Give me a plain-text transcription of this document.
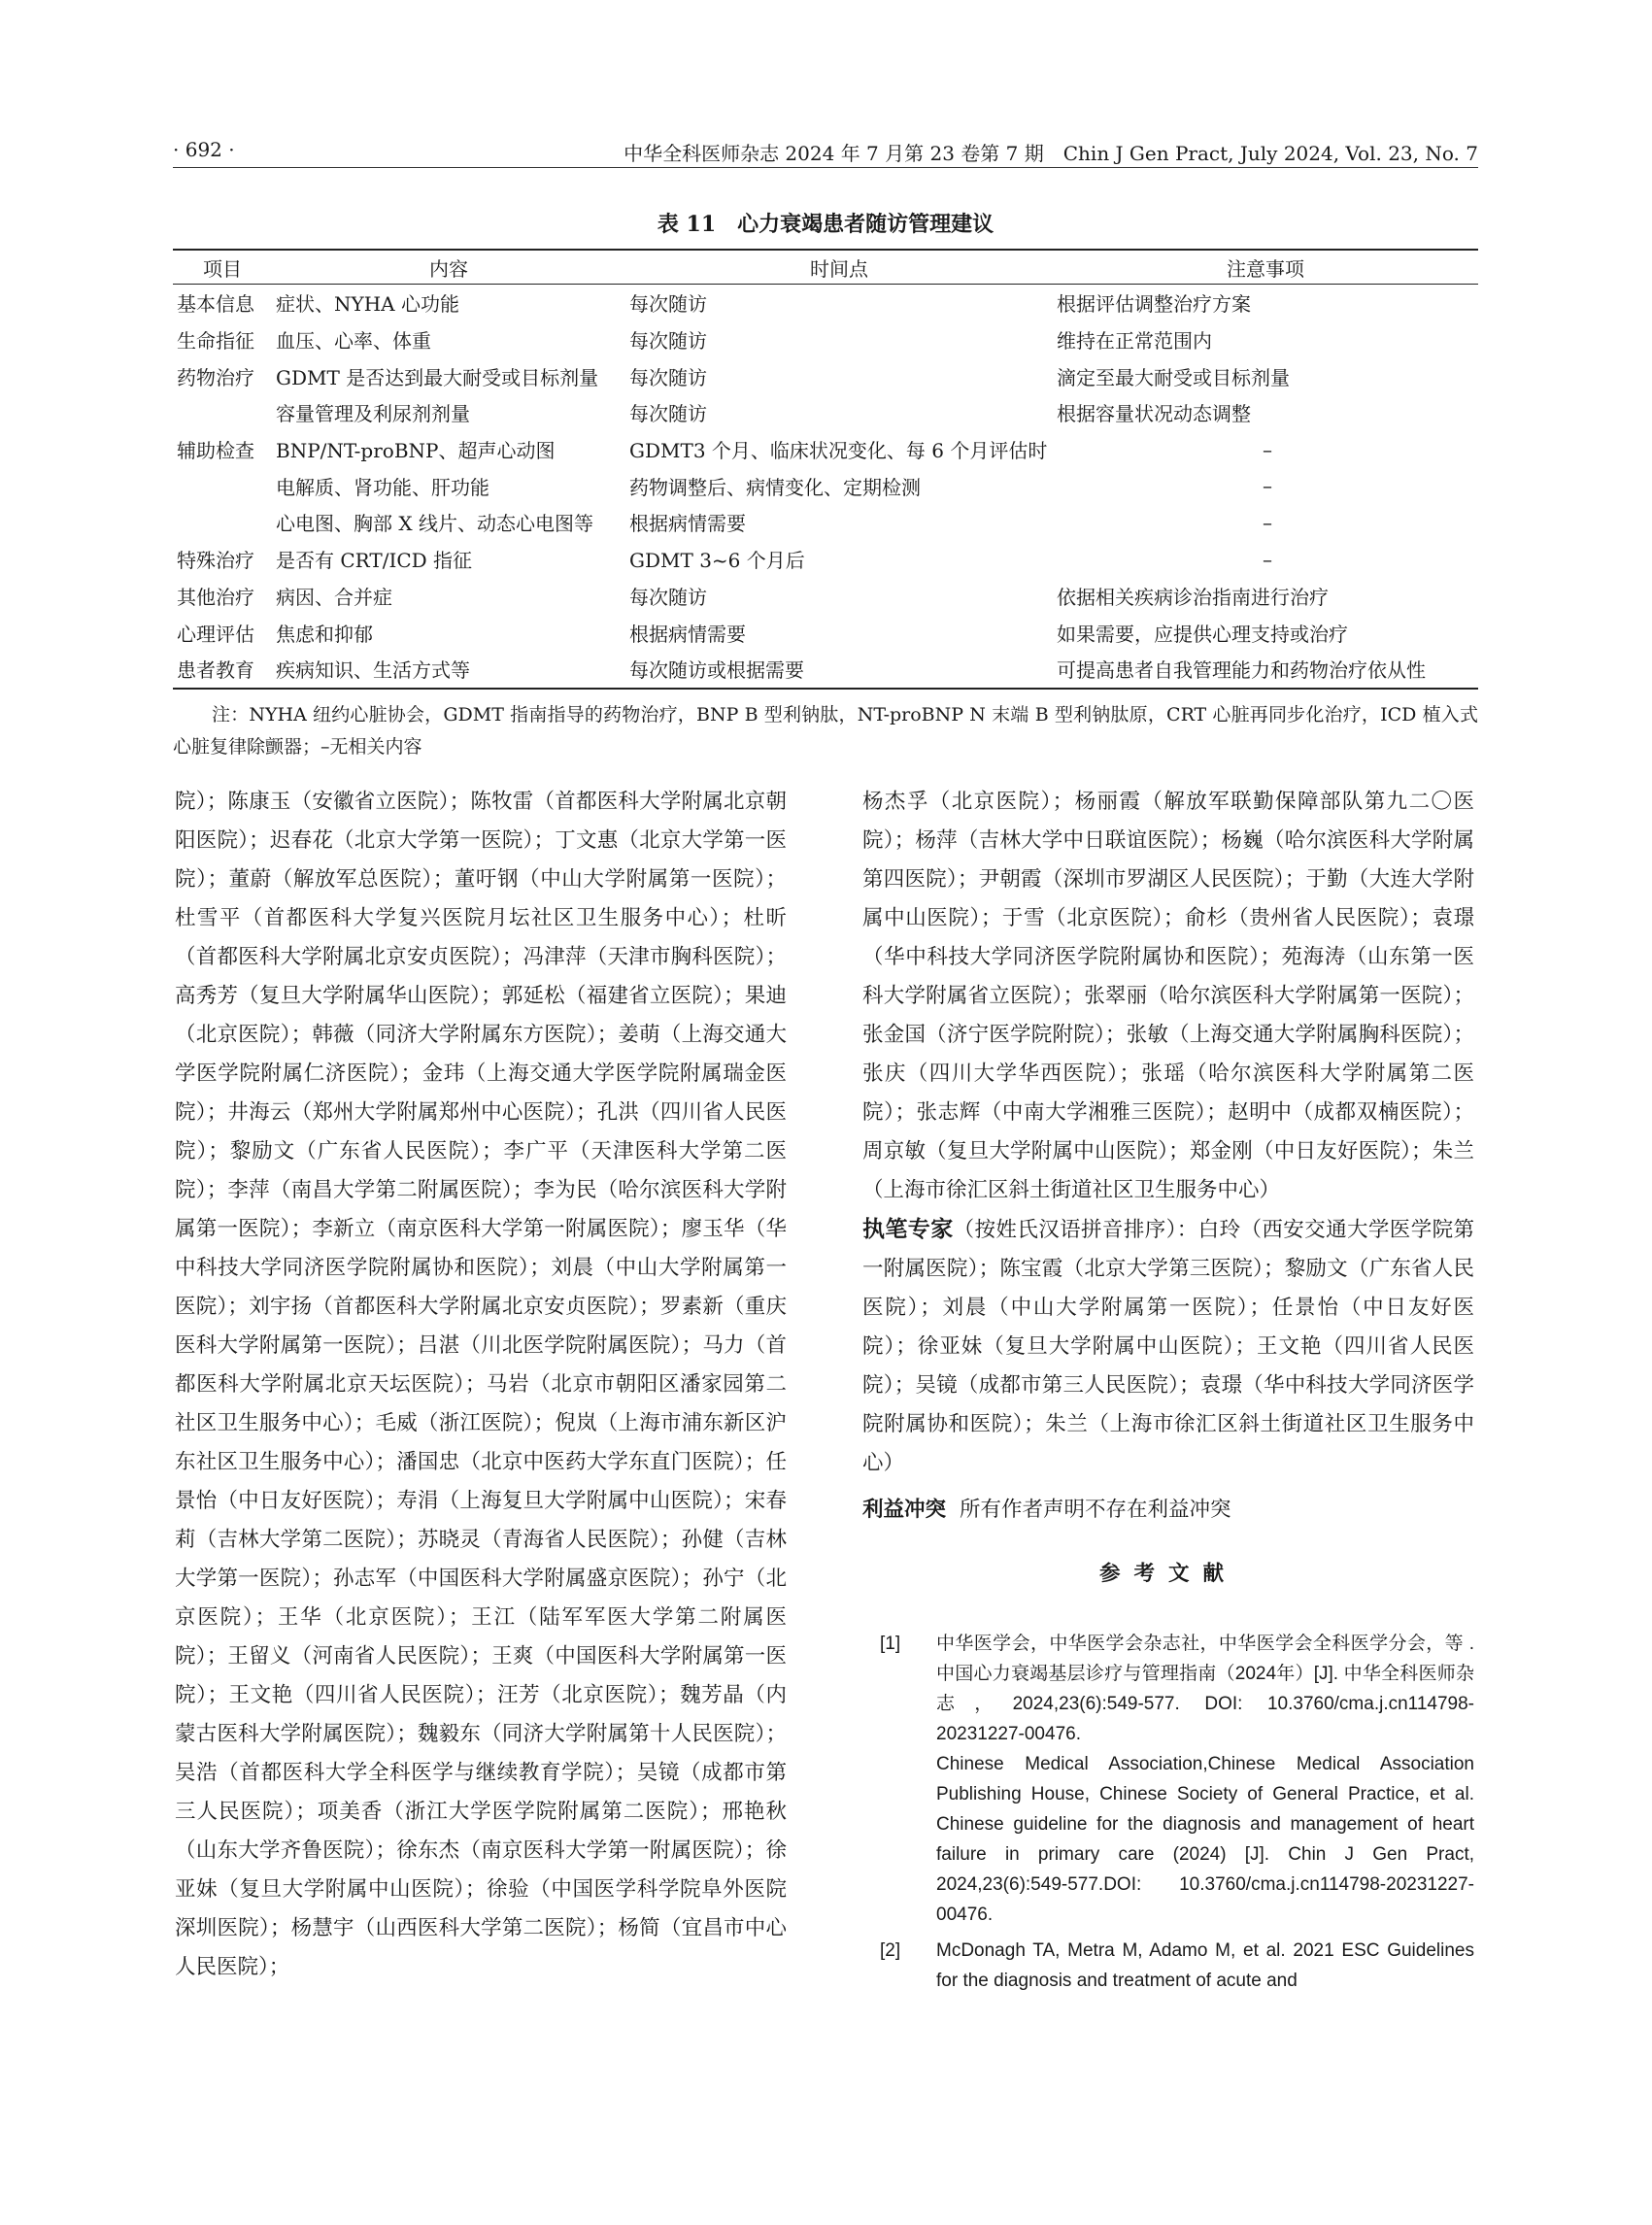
· 692 ·	中华全科医师杂志 2024 年 7 月第 23 卷第 7 期　Chin J Gen Pract, July 2024, Vol. 23, No. 7
表 11　心力衰竭患者随访管理建议
项目	内容	时间点	注意事项
基本信息	症状、NYHA 心功能	每次随访	根据评估调整治疗方案
生命指征	血压、心率、体重	每次随访	维持在正常范围内
药物治疗	GDMT 是否达到最大耐受或目标剂量	每次随访	滴定至最大耐受或目标剂量
	容量管理及利尿剂剂量	每次随访	根据容量状况动态调整
辅助检查	BNP/NT-proBNP、超声心动图	GDMT3 个月、临床状况变化、每 6 个月评估时	–
	电解质、肾功能、肝功能	药物调整后、病情变化、定期检测	–
	心电图、胸部 X 线片、动态心电图等	根据病情需要	–
特殊治疗	是否有 CRT/ICD 指征	GDMT 3~6 个月后	–
其他治疗	病因、合并症	每次随访	依据相关疾病诊治指南进行治疗
心理评估	焦虑和抑郁	根据病情需要	如果需要，应提供心理支持或治疗
患者教育	疾病知识、生活方式等	每次随访或根据需要	可提高患者自我管理能力和药物治疗依从性
注：NYHA 纽约心脏协会，GDMT 指南指导的药物治疗，BNP B 型利钠肽，NT-proBNP N 末端 B 型利钠肽原，CRT 心脏再同步化治疗，ICD 植入式心脏复律除颤器；–无相关内容

院）；陈康玉（安徽省立医院）；陈牧雷（首都医科大学附属北京朝阳医院）；迟春花（北京大学第一医院）；丁文惠（北京大学第一医院）；董蔚（解放军总医院）；董吁钢（中山大学附属第一医院）；杜雪平（首都医科大学复兴医院月坛社区卫生服务中心）；杜昕（首都医科大学附属北京安贞医院）；冯津萍（天津市胸科医院）；高秀芳（复旦大学附属华山医院）；郭延松（福建省立医院）；果迪（北京医院）；韩薇（同济大学附属东方医院）；姜萌（上海交通大学医学院附属仁济医院）；金玮（上海交通大学医学院附属瑞金医院）；井海云（郑州大学附属郑州中心医院）；孔洪（四川省人民医院）；黎励文（广东省人民医院）；李广平（天津医科大学第二医院）；李萍（南昌大学第二附属医院）；李为民（哈尔滨医科大学附属第一医院）；李新立（南京医科大学第一附属医院）；廖玉华（华中科技大学同济医学院附属协和医院）；刘晨（中山大学附属第一医院）；刘宇扬（首都医科大学附属北京安贞医院）；罗素新（重庆医科大学附属第一医院）；吕湛（川北医学院附属医院）；马力（首都医科大学附属北京天坛医院）；马岩（北京市朝阳区潘家园第二社区卫生服务中心）；毛威（浙江医院）；倪岚（上海市浦东新区沪东社区卫生服务中心）；潘国忠（北京中医药大学东直门医院）；任景怡（中日友好医院）；寿涓（上海复旦大学附属中山医院）；宋春莉（吉林大学第二医院）；苏晓灵（青海省人民医院）；孙健（吉林大学第一医院）；孙志军（中国医科大学附属盛京医院）；孙宁（北京医院）；王华（北京医院）；王江（陆军军医大学第二附属医院）；王留义（河南省人民医院）；王爽（中国医科大学附属第一医院）；王文艳（四川省人民医院）；汪芳（北京医院）；魏芳晶（内蒙古医科大学附属医院）；魏毅东（同济大学附属第十人民医院）；吴浩（首都医科大学全科医学与继续教育学院）；吴镜（成都市第三人民医院）；项美香（浙江大学医学院附属第二医院）；邢艳秋（山东大学齐鲁医院）；徐东杰（南京医科大学第一附属医院）；徐亚妹（复旦大学附属中山医院）；徐验（中国医学科学院阜外医院深圳医院）；杨慧宇（山西医科大学第二医院）；杨简（宜昌市中心人民医院）；

杨杰孚（北京医院）；杨丽霞（解放军联勤保障部队第九二〇医院）；杨萍（吉林大学中日联谊医院）；杨巍（哈尔滨医科大学附属第四医院）；尹朝霞（深圳市罗湖区人民医院）；于勤（大连大学附属中山医院）；于雪（北京医院）；俞杉（贵州省人民医院）；袁璟（华中科技大学同济医学院附属协和医院）；苑海涛（山东第一医科大学附属省立医院）；张翠丽（哈尔滨医科大学附属第一医院）；张金国（济宁医学院附院）；张敏（上海交通大学附属胸科医院）；张庆（四川大学华西医院）；张瑶（哈尔滨医科大学附属第二医院）；张志辉（中南大学湘雅三医院）；赵明中（成都双楠医院）；周京敏（复旦大学附属中山医院）；郑金刚（中日友好医院）；朱兰（上海市徐汇区斜土街道社区卫生服务中心）

执笔专家（按姓氏汉语拼音排序）：白玲（西安交通大学医学院第一附属医院）；陈宝霞（北京大学第三医院）；黎励文（广东省人民医院）；刘晨（中山大学附属第一医院）；任景怡（中日友好医院）；徐亚妹（复旦大学附属中山医院）；王文艳（四川省人民医院）；吴镜（成都市第三人民医院）；袁璟（华中科技大学同济医学院附属协和医院）；朱兰（上海市徐汇区斜土街道社区卫生服务中心）

利益冲突 所有作者声明不存在利益冲突

参考文献

[1] 中华医学会，中华医学会杂志社，中华医学会全科医学分会，等 . 中国心力衰竭基层诊疗与管理指南（2024年）[J]. 中华全科医师杂志，2024,23(6):549-577. DOI: 10.3760/cma.j.cn114798-20231227-00476.
Chinese Medical Association,Chinese Medical Association Publishing House, Chinese Society of General Practice, et al. Chinese guideline for the diagnosis and management of heart failure in primary care (2024) [J]. Chin J Gen Pract, 2024,23(6):549-577.DOI: 10.3760/cma.j.cn114798-20231227-00476.
[2] McDonagh TA, Metra M, Adamo M, et al. 2021 ESC Guidelines for the diagnosis and treatment of acute and
